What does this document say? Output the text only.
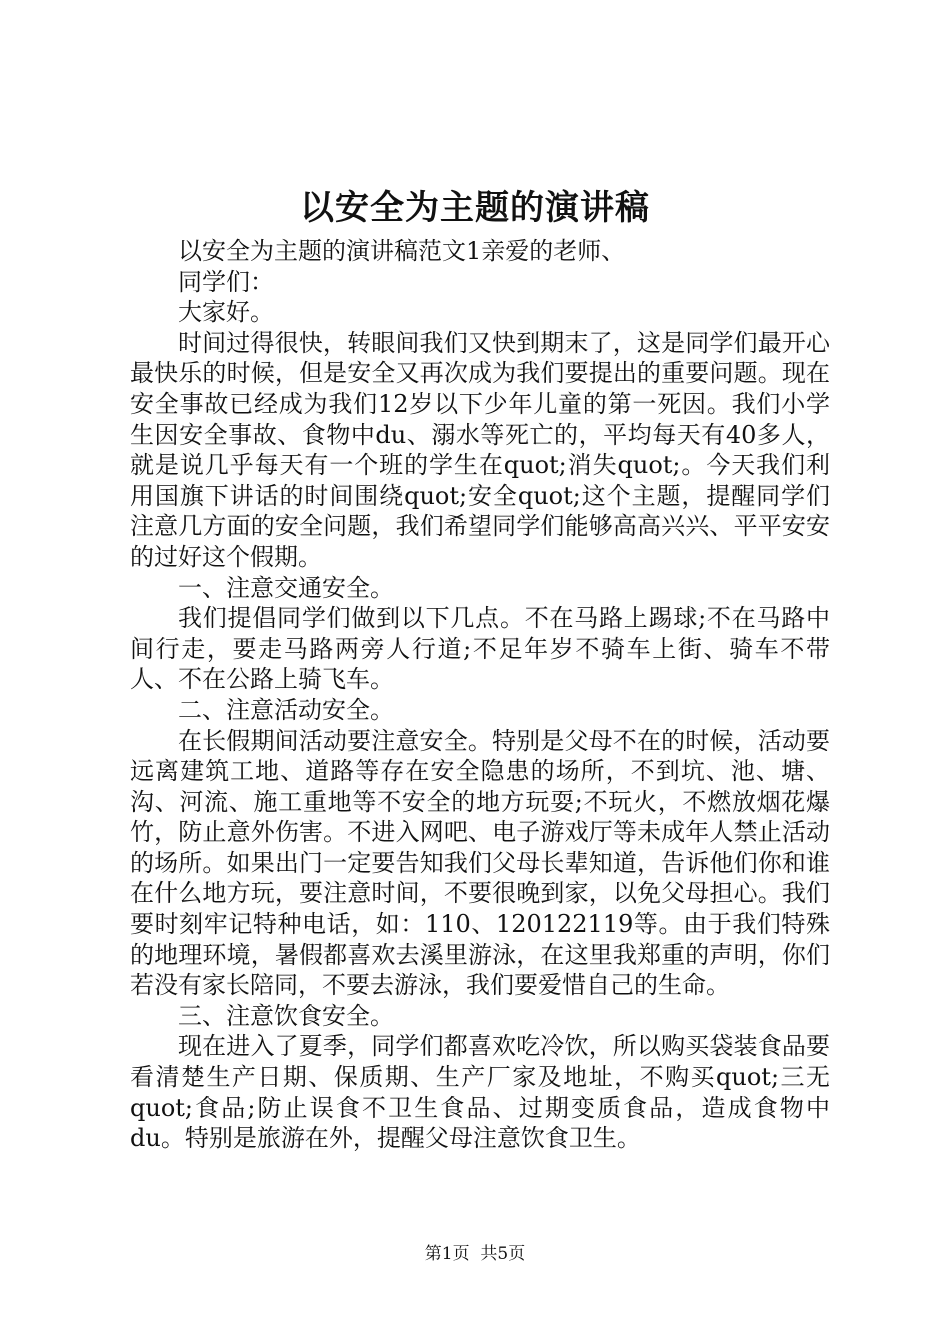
以安全为主题的演讲稿

以安全为主题的演讲稿范文1亲爱的老师、

同学们：

大家好。

时间过得很快，转眼间我们又快到期末了，这是同学们最开心最快乐的时候，但是安全又再次成为我们要提出的重要问题。现在安全事故已经成为我们12岁以下少年儿童的第一死因。我们小学生因安全事故、食物中du、溺水等死亡的，平均每天有40多人，就是说几乎每天有一个班的学生在quot;消失quot;。今天我们利用国旗下讲话的时间围绕quot;安全quot;这个主题，提醒同学们注意几方面的安全问题，我们希望同学们能够高高兴兴、平平安安的过好这个假期。

一、注意交通安全。

我们提倡同学们做到以下几点。不在马路上踢球;不在马路中间行走，要走马路两旁人行道;不足年岁不骑车上街、骑车不带人、不在公路上骑飞车。

二、注意活动安全。

在长假期间活动要注意安全。特别是父母不在的时候，活动要远离建筑工地、道路等存在安全隐患的场所，不到坑、池、塘、沟、河流、施工重地等不安全的地方玩耍;不玩火，不燃放烟花爆竹，防止意外伤害。不进入网吧、电子游戏厅等未成年人禁止活动的场所。如果出门一定要告知我们父母长辈知道，告诉他们你和谁在什么地方玩，要注意时间，不要很晚到家，以免父母担心。我们要时刻牢记特种电话，如：110、120122119等。由于我们特殊的地理环境，暑假都喜欢去溪里游泳，在这里我郑重的声明，你们若没有家长陪同，不要去游泳，我们要爱惜自己的生命。

三、注意饮食安全。

现在进入了夏季，同学们都喜欢吃冷饮，所以购买袋装食品要看清楚生产日期、保质期、生产厂家及地址，不购买quot;三无quot;食品;防止误食不卫生食品、过期变质食品，造成食物中du。特别是旅游在外，提醒父母注意饮食卫生。

第1页 共5页
